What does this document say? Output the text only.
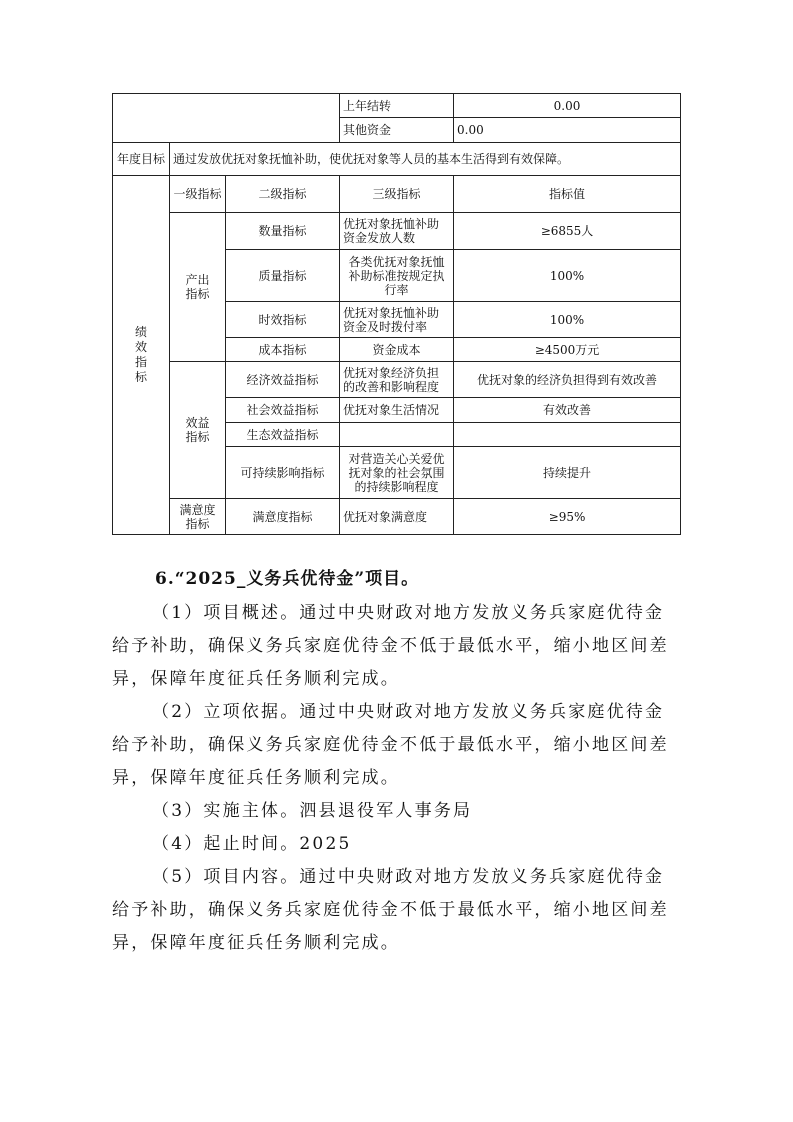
			上年结转	0.00
			其他资金	0.00
年度目标	通过发放优抚对象抚恤补助，使优抚对象等人员的基本生活得到有效保障。			

绩效指标	一级指标	二级指标	三级指标	指标值

	产出指标	数量指标	优抚对象抚恤补助资金发放人数	≥6855人
		质量指标	各类优抚对象抚恤补助标准按规定执行率	100%
		时效指标	优抚对象抚恤补助资金及时拨付率	100%
		成本指标	资金成本	≥4500万元

	效益指标	经济效益指标	优抚对象经济负担的改善和影响程度	优抚对象的经济负担得到有效改善
		社会效益指标	优抚对象生活情况	有效改善
		生态效益指标		
		可持续影响指标	对营造关心关爱优抚对象的社会氛围的持续影响程度	持续提升

	满意度指标	满意度指标	优抚对象满意度	≥95%
6.“2025_义务兵优待金”项目。

（1）项目概述。通过中央财政对地方发放义务兵家庭优待金给予补助，确保义务兵家庭优待金不低于最低水平，缩小地区间差异，保障年度征兵任务顺利完成。

（2）立项依据。通过中央财政对地方发放义务兵家庭优待金给予补助，确保义务兵家庭优待金不低于最低水平，缩小地区间差异，保障年度征兵任务顺利完成。

（3）实施主体。泗县退役军人事务局

（4）起止时间。2025

（5）项目内容。通过中央财政对地方发放义务兵家庭优待金给予补助，确保义务兵家庭优待金不低于最低水平，缩小地区间差异，保障年度征兵任务顺利完成。
